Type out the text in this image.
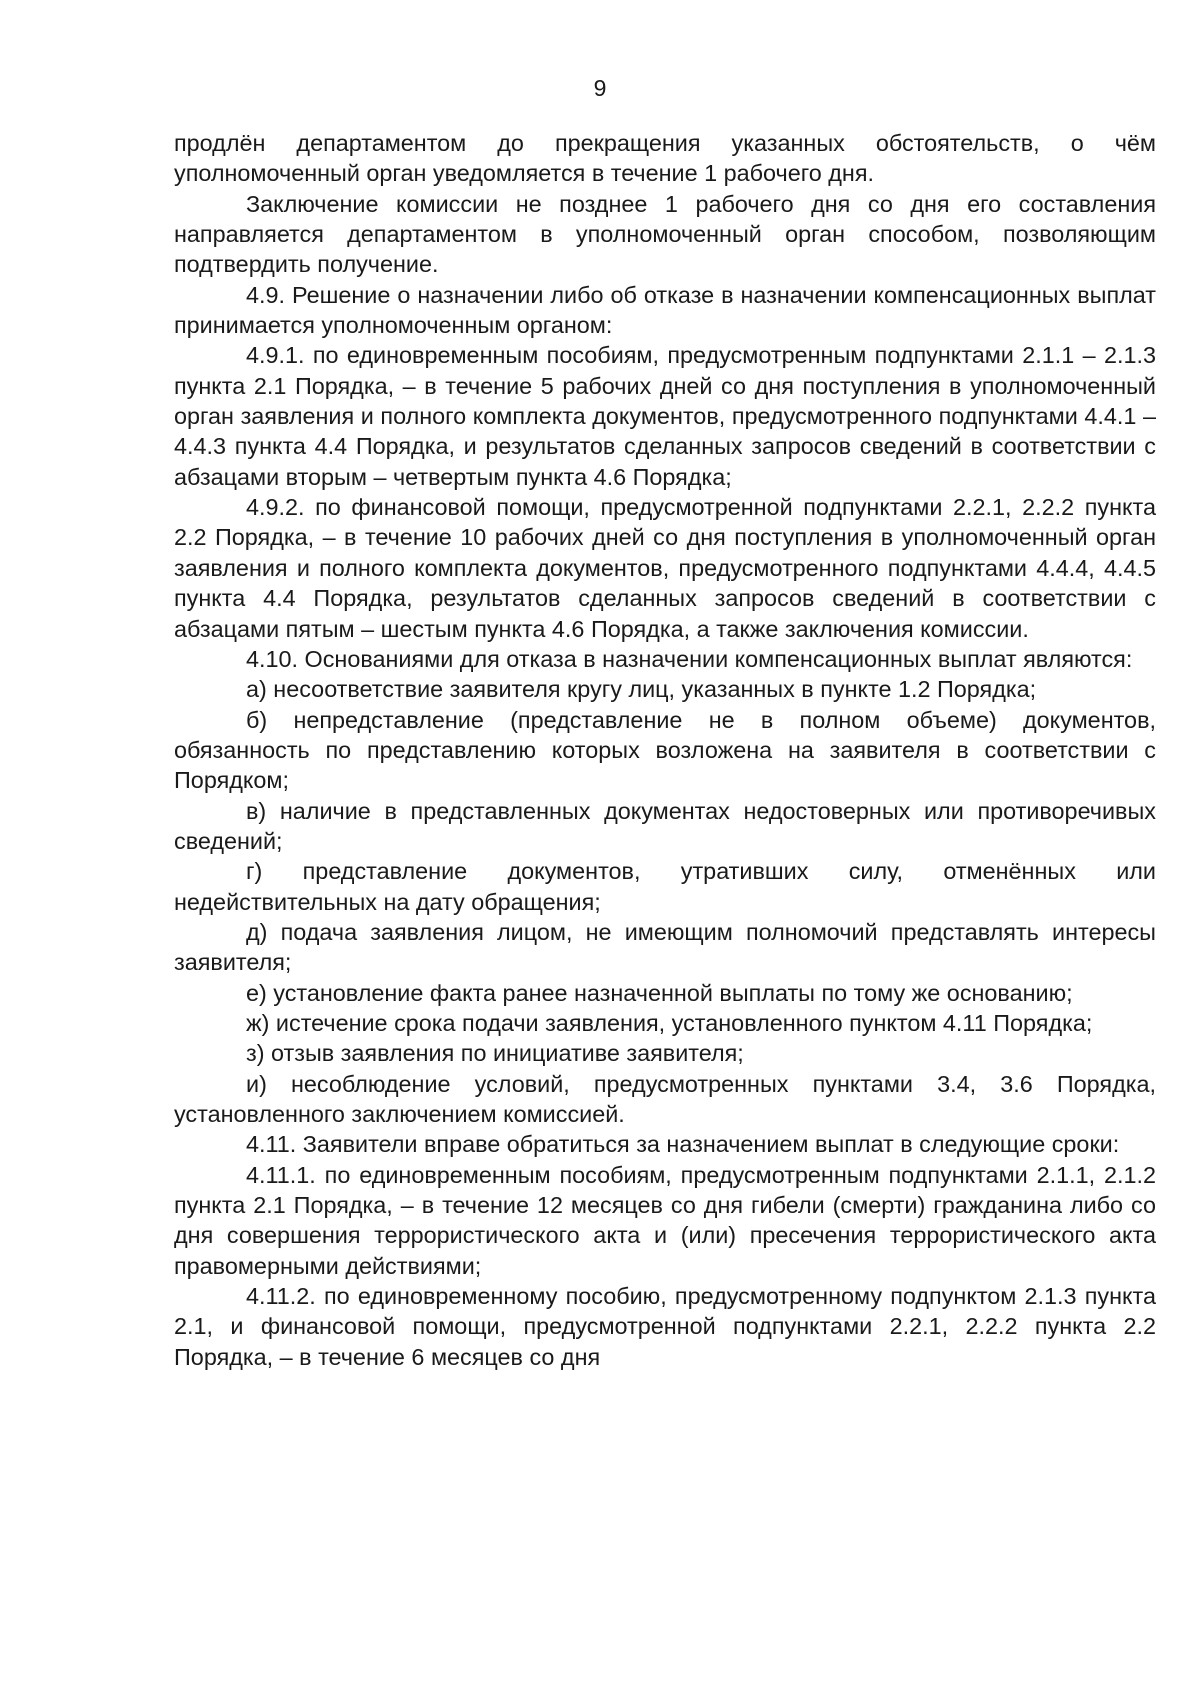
9

продлён департаментом до прекращения указанных обстоятельств, о чём уполномоченный орган уведомляется в течение 1 рабочего дня.

Заключение комиссии не позднее 1 рабочего дня со дня его составления направляется департаментом в уполномоченный орган способом, позволяющим подтвердить получение.

4.9. Решение о назначении либо об отказе в назначении компенсационных выплат принимается уполномоченным органом:

4.9.1. по единовременным пособиям, предусмотренным подпунктами 2.1.1 – 2.1.3 пункта 2.1 Порядка, – в течение 5 рабочих дней со дня поступления в уполномоченный орган заявления и полного комплекта документов, предусмотренного подпунктами 4.4.1 – 4.4.3 пункта 4.4 Порядка, и результатов сделанных запросов сведений в соответствии с абзацами вторым – четвертым пункта 4.6 Порядка;

4.9.2. по финансовой помощи, предусмотренной подпунктами 2.2.1, 2.2.2 пункта 2.2 Порядка, – в течение 10 рабочих дней со дня поступления в уполномоченный орган заявления и полного комплекта документов, предусмотренного подпунктами 4.4.4, 4.4.5 пункта 4.4 Порядка, результатов сделанных запросов сведений в соответствии с абзацами пятым – шестым пункта 4.6 Порядка, а также заключения комиссии.

4.10. Основаниями для отказа в назначении компенсационных выплат являются:

а) несоответствие заявителя кругу лиц, указанных в пункте 1.2 Порядка;

б) непредставление (представление не в полном объеме) документов, обязанность по представлению которых возложена на заявителя в соответствии с Порядком;

в) наличие в представленных документах недостоверных или противоречивых сведений;

г) представление документов, утративших силу, отменённых или недействительных на дату обращения;

д) подача заявления лицом, не имеющим полномочий представлять интересы заявителя;

е) установление факта ранее назначенной выплаты по тому же основанию;

ж) истечение срока подачи заявления, установленного пунктом 4.11 Порядка;

з) отзыв заявления по инициативе заявителя;

и) несоблюдение условий, предусмотренных пунктами 3.4, 3.6 Порядка, установленного заключением комиссией.

4.11. Заявители вправе обратиться за назначением выплат в следующие сроки:

4.11.1. по единовременным пособиям, предусмотренным подпунктами 2.1.1, 2.1.2 пункта 2.1 Порядка, – в течение 12 месяцев со дня гибели (смерти) гражданина либо со дня совершения террористического акта и (или) пресечения террористического акта правомерными действиями;

4.11.2. по единовременному пособию, предусмотренному подпунктом 2.1.3 пункта 2.1, и финансовой помощи, предусмотренной подпунктами 2.2.1, 2.2.2 пункта 2.2 Порядка, – в течение 6 месяцев со дня
